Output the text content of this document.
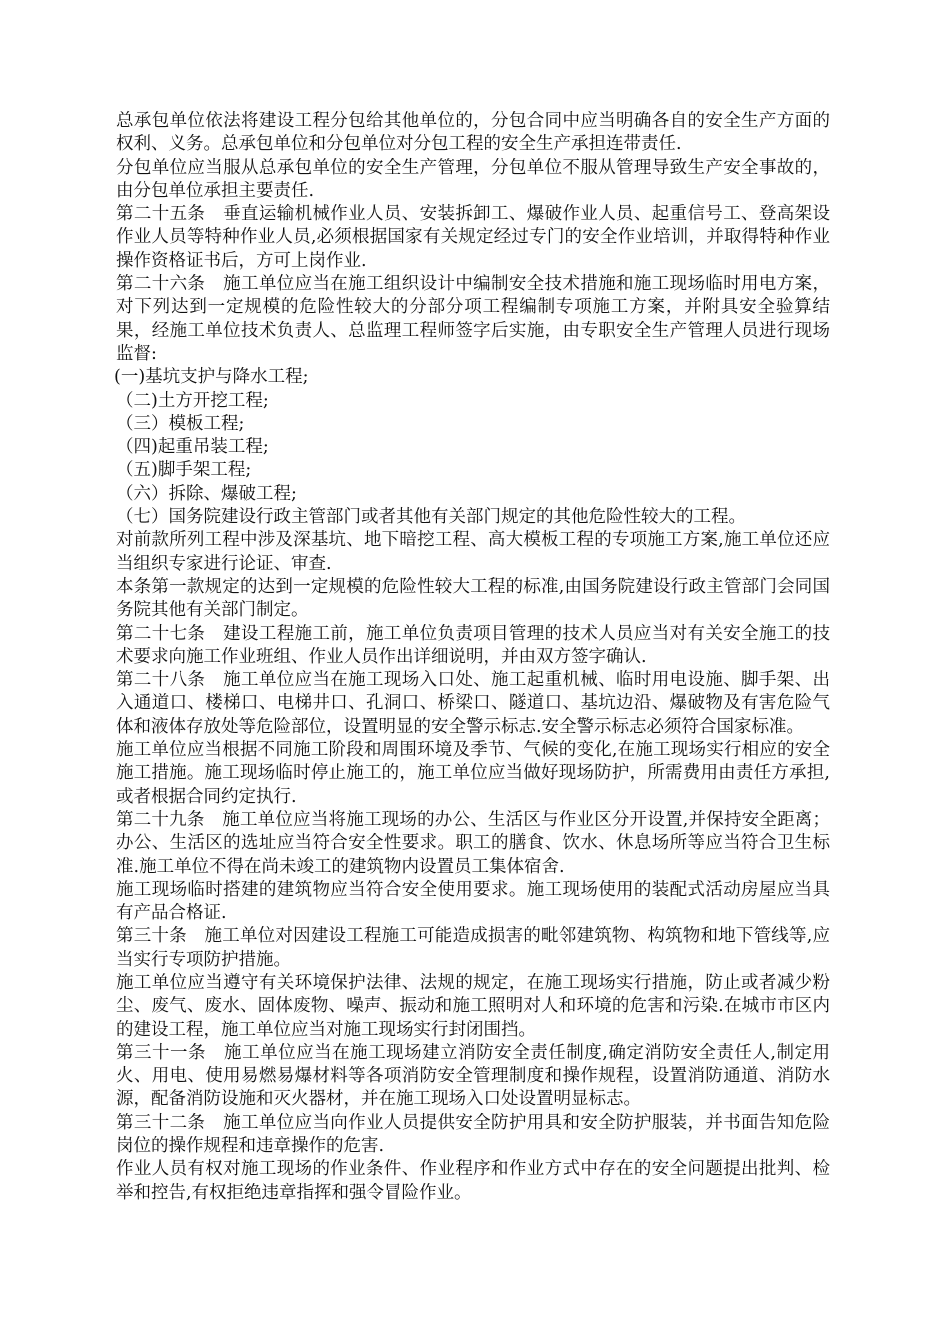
总承包单位依法将建设工程分包给其他单位的，分包合同中应当明确各自的安全生产方面的权利、义务。总承包单位和分包单位对分包工程的安全生产承担连带责任.

分包单位应当服从总承包单位的安全生产管理，分包单位不服从管理导致生产安全事故的，由分包单位承担主要责任.

第二十五条　垂直运输机械作业人员、安装拆卸工、爆破作业人员、起重信号工、登高架设作业人员等特种作业人员,必须根据国家有关规定经过专门的安全作业培训，并取得特种作业操作资格证书后，方可上岗作业.

第二十六条　施工单位应当在施工组织设计中编制安全技术措施和施工现场临时用电方案，对下列达到一定规模的危险性较大的分部分项工程编制专项施工方案，并附具安全验算结果，经施工单位技术负责人、总监理工程师签字后实施，由专职安全生产管理人员进行现场监督:

(一)基坑支护与降水工程;

（二)土方开挖工程;

（三）模板工程;

（四)起重吊装工程;

（五)脚手架工程;

（六）拆除、爆破工程;

（七）国务院建设行政主管部门或者其他有关部门规定的其他危险性较大的工程。

对前款所列工程中涉及深基坑、地下暗挖工程、高大模板工程的专项施工方案,施工单位还应当组织专家进行论证、审查.

本条第一款规定的达到一定规模的危险性较大工程的标准,由国务院建设行政主管部门会同国务院其他有关部门制定。

第二十七条　建设工程施工前，施工单位负责项目管理的技术人员应当对有关安全施工的技术要求向施工作业班组、作业人员作出详细说明，并由双方签字确认.

第二十八条　施工单位应当在施工现场入口处、施工起重机械、临时用电设施、脚手架、出入通道口、楼梯口、电梯井口、孔洞口、桥梁口、隧道口、基坑边沿、爆破物及有害危险气体和液体存放处等危险部位，设置明显的安全警示标志.安全警示标志必须符合国家标准。

施工单位应当根据不同施工阶段和周围环境及季节、气候的变化,在施工现场实行相应的安全施工措施。施工现场临时停止施工的，施工单位应当做好现场防护，所需费用由责任方承担,或者根据合同约定执行.

第二十九条　施工单位应当将施工现场的办公、生活区与作业区分开设置,并保持安全距离；办公、生活区的选址应当符合安全性要求。职工的膳食、饮水、休息场所等应当符合卫生标准.施工单位不得在尚未竣工的建筑物内设置员工集体宿舍.

施工现场临时搭建的建筑物应当符合安全使用要求。施工现场使用的装配式活动房屋应当具有产品合格证.

第三十条　施工单位对因建设工程施工可能造成损害的毗邻建筑物、构筑物和地下管线等,应当实行专项防护措施。

施工单位应当遵守有关环境保护法律、法规的规定，在施工现场实行措施，防止或者减少粉尘、废气、废水、固体废物、噪声、振动和施工照明对人和环境的危害和污染.在城市市区内的建设工程，施工单位应当对施工现场实行封闭围挡。

第三十一条　施工单位应当在施工现场建立消防安全责任制度,确定消防安全责任人,制定用火、用电、使用易燃易爆材料等各项消防安全管理制度和操作规程，设置消防通道、消防水源，配备消防设施和灭火器材，并在施工现场入口处设置明显标志。

第三十二条　施工单位应当向作业人员提供安全防护用具和安全防护服装，并书面告知危险岗位的操作规程和违章操作的危害.

作业人员有权对施工现场的作业条件、作业程序和作业方式中存在的安全问题提出批判、检举和控告,有权拒绝违章指挥和强令冒险作业。
